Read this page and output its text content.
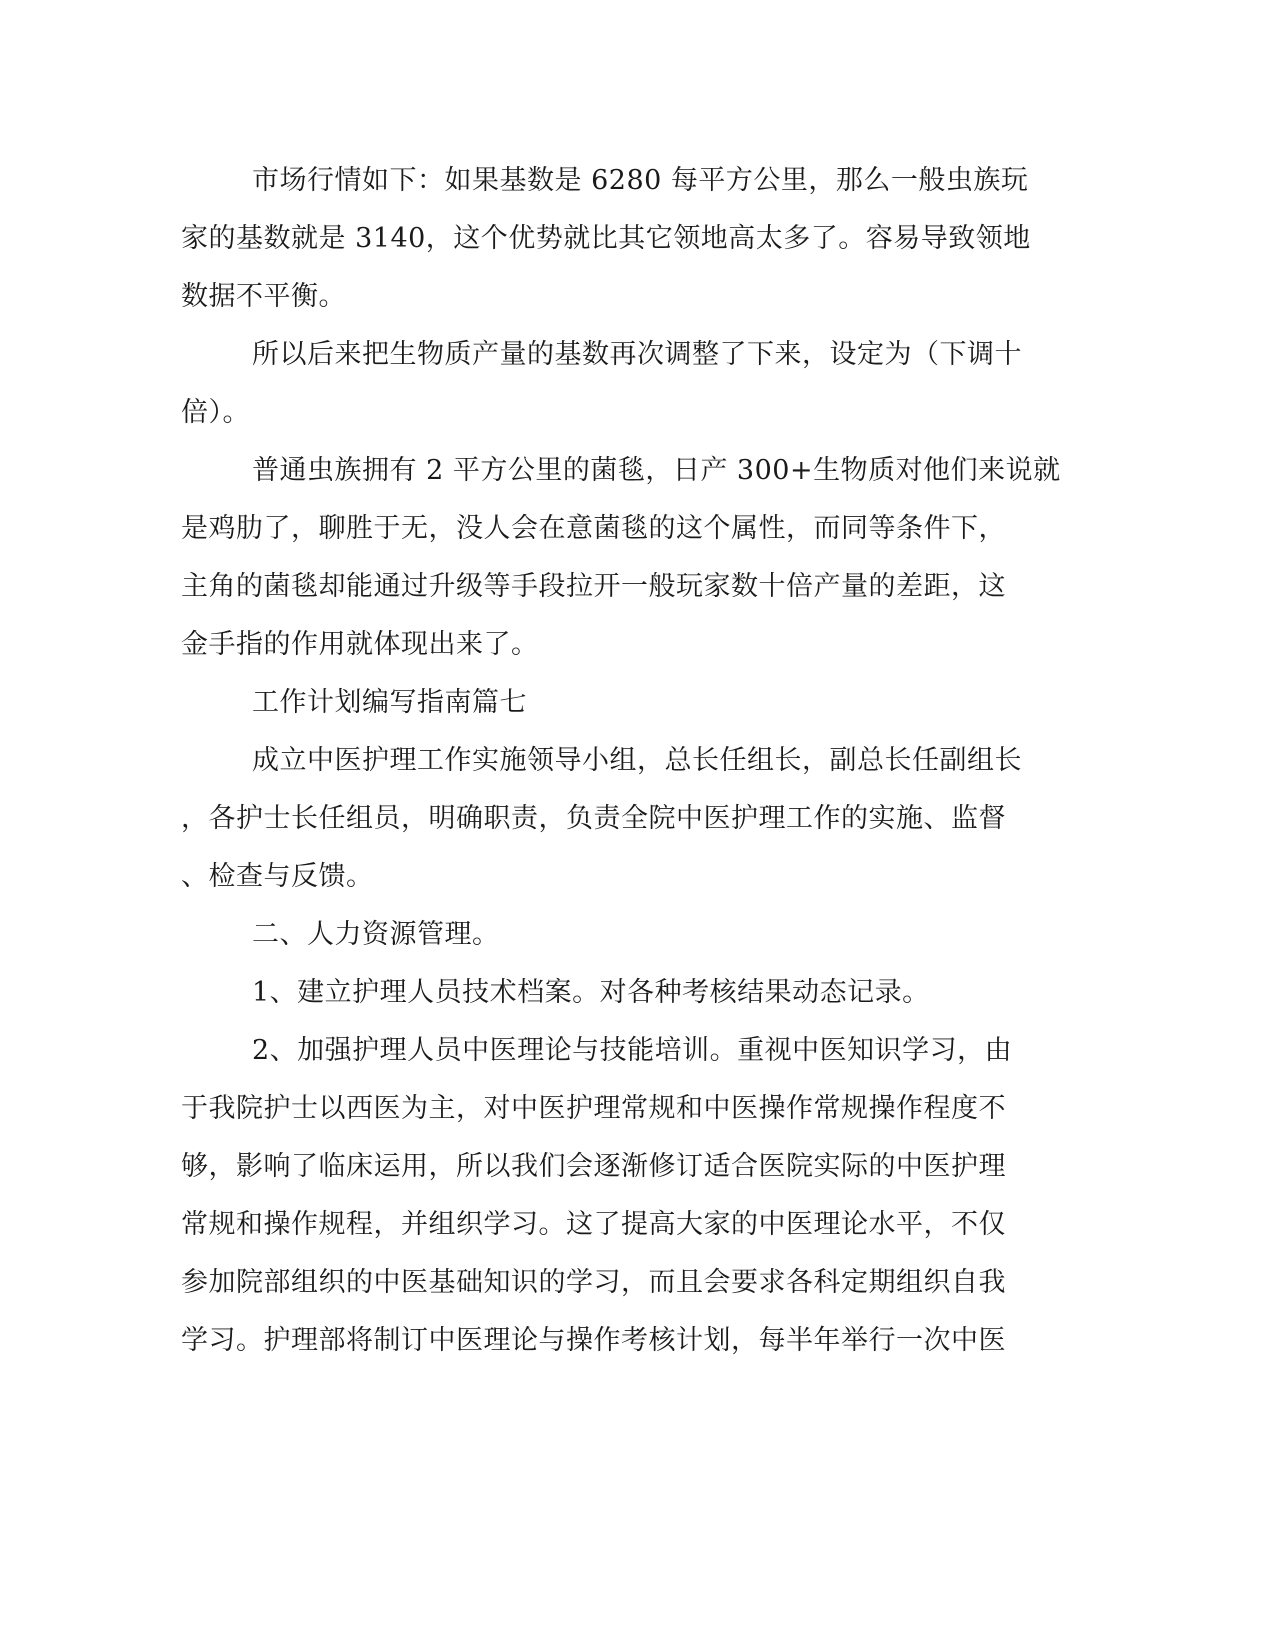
市场行情如下：如果基数是 6280 每平方公里，那么一般虫族玩

家的基数就是 3140，这个优势就比其它领地高太多了。容易导致领地

数据不平衡。

所以后来把生物质产量的基数再次调整了下来，设定为（下调十

倍）。

普通虫族拥有 2 平方公里的菌毯，日产 300+生物质对他们来说就

是鸡肋了，聊胜于无，没人会在意菌毯的这个属性，而同等条件下，

主角的菌毯却能通过升级等手段拉开一般玩家数十倍产量的差距，这

金手指的作用就体现出来了。

工作计划编写指南篇七

成立中医护理工作实施领导小组，总长任组长，副总长任副组长

，各护士长任组员，明确职责，负责全院中医护理工作的实施、监督

、检查与反馈。

二、人力资源管理。

1、建立护理人员技术档案。对各种考核结果动态记录。

2、加强护理人员中医理论与技能培训。重视中医知识学习，由

于我院护士以西医为主，对中医护理常规和中医操作常规操作程度不

够，影响了临床运用，所以我们会逐渐修订适合医院实际的中医护理

常规和操作规程，并组织学习。这了提高大家的中医理论水平，不仅

参加院部组织的中医基础知识的学习，而且会要求各科定期组织自我

学习。护理部将制订中医理论与操作考核计划，每半年举行一次中医
